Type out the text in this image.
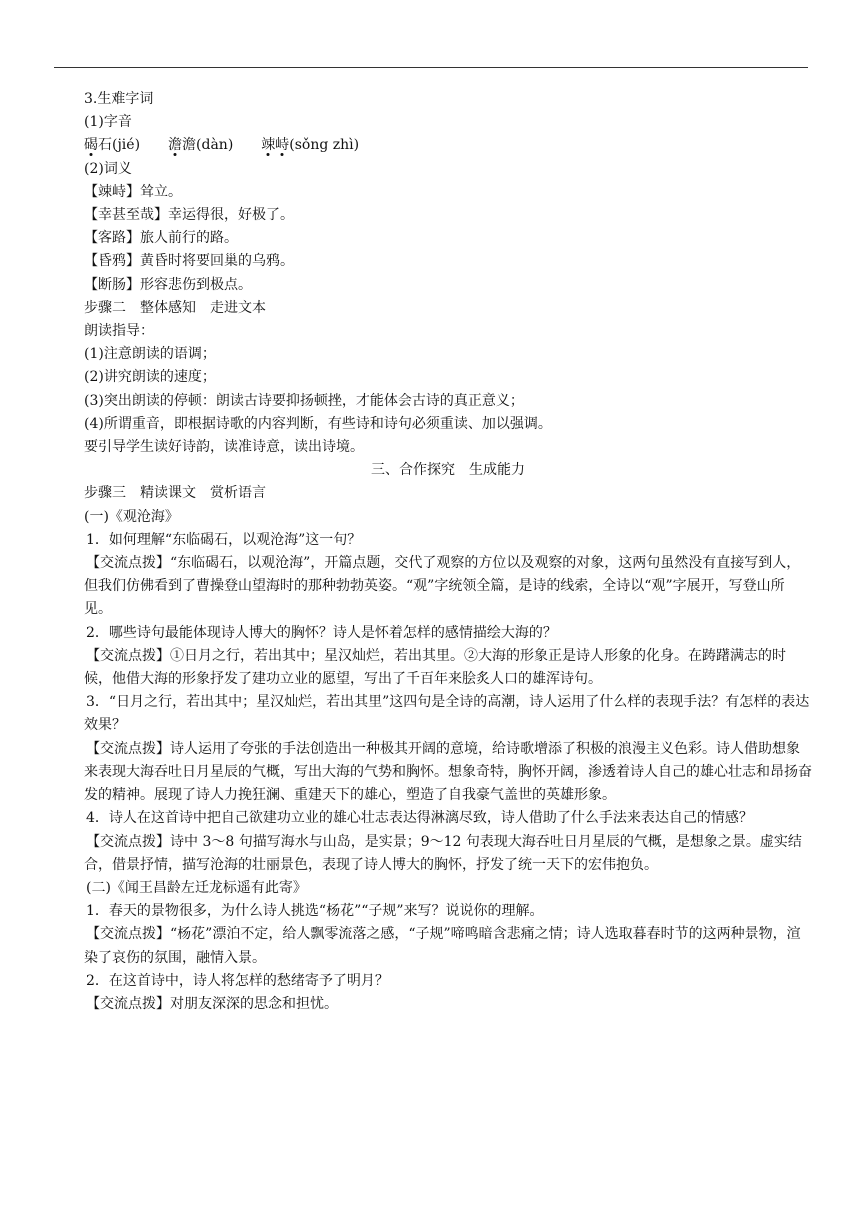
3.生难字词

(1)字音

碣石(jié) 澹澹(dàn) 竦峙(sǒng zhì)

(2)词义

【竦峙】耸立。

【幸甚至哉】幸运得很，好极了。

【客路】旅人前行的路。

【昏鸦】黄昏时将要回巢的乌鸦。

【断肠】形容悲伤到极点。

步骤二 整体感知 走进文本

朗读指导：

(1)注意朗读的语调；

(2)讲究朗读的速度；

(3)突出朗读的停顿：朗读古诗要抑扬顿挫，才能体会古诗的真正意义；

(4)所谓重音，即根据诗歌的内容判断，有些诗和诗句必须重读、加以强调。

要引导学生读好诗韵，读准诗意，读出诗境。

三、合作探究 生成能力

步骤三 精读课文 赏析语言

(一)《观沧海》

1．如何理解“东临碣石，以观沧海”这一句？

【交流点拨】“东临碣石，以观沧海”，开篇点题，交代了观察的方位以及观察的对象，这两句虽然没有直接写到人，但我们仿佛看到了曹操登山望海时的那种勃勃英姿。“观”字统领全篇，是诗的线索，全诗以“观”字展开，写登山所见。

2．哪些诗句最能体现诗人博大的胸怀？诗人是怀着怎样的感情描绘大海的？

【交流点拨】①日月之行，若出其中；星汉灿烂，若出其里。②大海的形象正是诗人形象的化身。在踌躇满志的时候，他借大海的形象抒发了建功立业的愿望，写出了千百年来脍炙人口的雄浑诗句。

3．“日月之行，若出其中；星汉灿烂，若出其里”这四句是全诗的高潮，诗人运用了什么样的表现手法？有怎样的表达效果？

【交流点拨】诗人运用了夸张的手法创造出一种极其开阔的意境，给诗歌增添了积极的浪漫主义色彩。诗人借助想象来表现大海吞吐日月星辰的气概，写出大海的气势和胸怀。想象奇特，胸怀开阔，渗透着诗人自己的雄心壮志和昂扬奋发的精神。展现了诗人力挽狂澜、重建天下的雄心，塑造了自我豪气盖世的英雄形象。

4．诗人在这首诗中把自己欲建功立业的雄心壮志表达得淋漓尽致，诗人借助了什么手法来表达自己的情感？

【交流点拨】诗中 3～8 句描写海水与山岛，是实景；9～12 句表现大海吞吐日月星辰的气概，是想象之景。虚实结合，借景抒情，描写沧海的壮丽景色，表现了诗人博大的胸怀，抒发了统一天下的宏伟抱负。

(二)《闻王昌龄左迁龙标遥有此寄》

1．春天的景物很多，为什么诗人挑选“杨花”“子规”来写？说说你的理解。

【交流点拨】“杨花”漂泊不定，给人飘零流落之感，“子规”啼鸣暗含悲痛之情；诗人选取暮春时节的这两种景物，渲染了哀伤的氛围，融情入景。

2．在这首诗中，诗人将怎样的愁绪寄予了明月？

【交流点拨】对朋友深深的思念和担忧。
